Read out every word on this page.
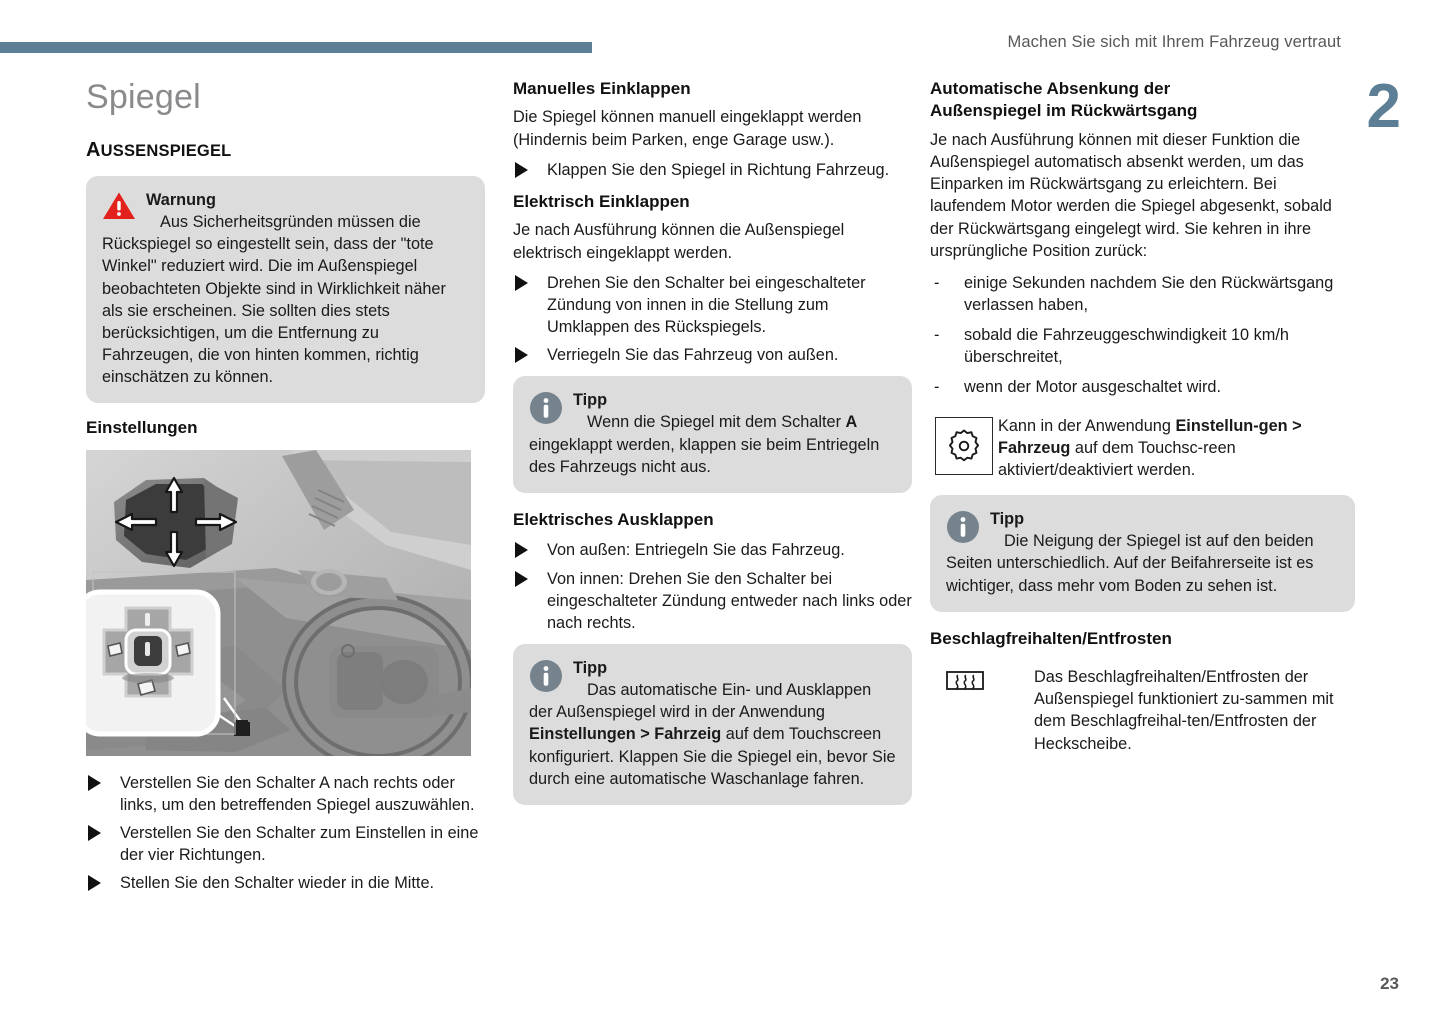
Machen Sie sich mit Ihrem Fahrzeug vertraut
2
23
Spiegel
AUSSENSPIEGEL
Warnung
Aus Sicherheitsgründen müssen die Rückspiegel so eingestellt sein, dass der "tote Winkel" reduziert wird. Die im Außenspiegel beobachteten Objekte sind in Wirklichkeit näher als sie erscheinen. Sie sollten dies stets berücksichtigen, um die Entfernung zu Fahrzeugen, die von hinten kommen, richtig einschätzen zu können.
Einstellungen
Verstellen Sie den Schalter A nach rechts oder links, um den betreffenden Spiegel auszuwählen.
Verstellen Sie den Schalter zum Einstellen in eine der vier Richtungen.
Stellen Sie den Schalter wieder in die Mitte.
Manuelles Einklappen

Die Spiegel können manuell eingeklappt werden (Hindernis beim Parken, enge Garage usw.).

Klappen Sie den Spiegel in Richtung Fahrzeug.
Elektrisch Einklappen

Je nach Ausführung können die Außenspiegel elektrisch eingeklappt werden.

Drehen Sie den Schalter bei eingeschalteter Zündung von innen in die Stellung zum Umklappen des Rückspiegels.
Verriegeln Sie das Fahrzeug von außen.
Tipp
Wenn die Spiegel mit dem Schalter A eingeklappt werden, klappen sie beim Entriegeln des Fahrzeugs nicht aus.
Elektrisches Ausklappen
Von außen: Entriegeln Sie das Fahrzeug.
Von innen: Drehen Sie den Schalter bei eingeschalteter Zündung entweder nach links oder nach rechts.
Tipp
Das automatische Ein- und Ausklappen der Außenspiegel wird in der Anwendung Einstellungen > Fahrzeig auf dem Touchscreen konfiguriert. Klappen Sie die Spiegel ein, bevor Sie durch eine automatische Waschanlage fahren.
Automatische Absenkung der
Außenspiegel im Rückwärtsgang

Je nach Ausführung können mit dieser Funktion die Außenspiegel automatisch absenkt werden, um das Einparken im Rückwärtsgang zu erleichtern. Bei laufendem Motor werden die Spiegel abgesenkt, sobald der Rückwärtsgang eingelegt wird. Sie kehren in ihre ursprüngliche Position zurück:

- einige Sekunden nachdem Sie den Rückwärtsgang verlassen haben,
- sobald die Fahrzeuggeschwindigkeit 10 km/h überschreitet,
- wenn der Motor ausgeschaltet wird.
Kann in der Anwendung Einstellun-gen > Fahrzeug auf dem Touchsc-reen aktiviert/deaktiviert werden.
Tipp
Die Neigung der Spiegel ist auf den beiden Seiten unterschiedlich. Auf der Beifahrerseite ist es wichtiger, dass mehr vom Boden zu sehen ist.
Beschlagfreihalten/Entfrosten
Das Beschlagfreihalten/Entfrosten der Außenspiegel funktioniert zu-sammen mit dem Beschlagfreihal-ten/Entfrosten der Heckscheibe.
